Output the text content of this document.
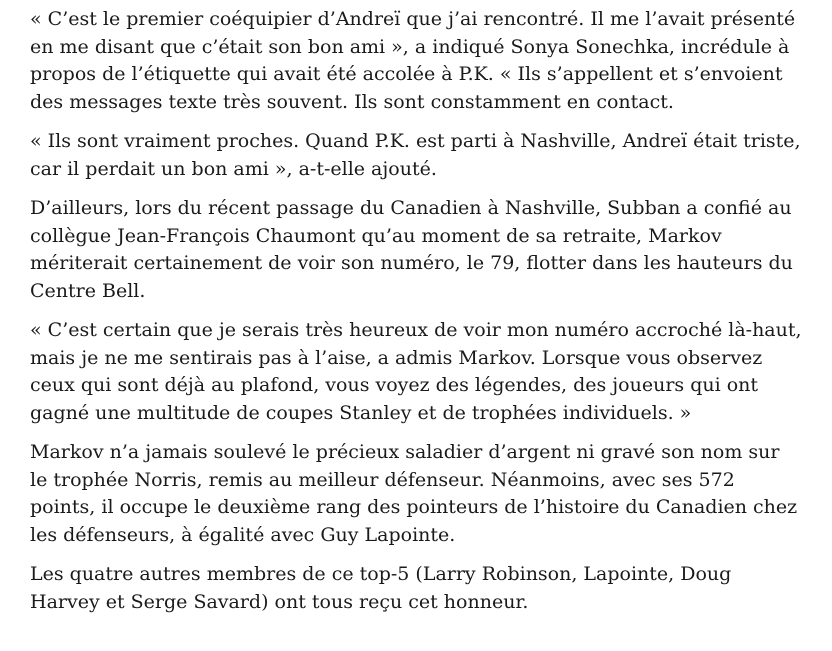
« C’est le premier coéquipier d’Andreï que j’ai rencontré. Il me l’avait présenté
en me disant que c’était son bon ami », a indiqué Sonya Sonechka, incrédule à
propos de l’étiquette qui avait été accolée à P.K. « Ils s’appellent et s’envoient
des messages texte très souvent. Ils sont constamment en contact.

« Ils sont vraiment proches. Quand P.K. est parti à Nashville, Andreï était triste,
car il perdait un bon ami », a-t-elle ajouté.

D’ailleurs, lors du récent passage du Canadien à Nashville, Subban a confié au
collègue Jean-François Chaumont qu’au moment de sa retraite, Markov
mériterait certainement de voir son numéro, le 79, flotter dans les hauteurs du
Centre Bell.

« C’est certain que je serais très heureux de voir mon numéro accroché là-haut,
mais je ne me sentirais pas à l’aise, a admis Markov. Lorsque vous observez
ceux qui sont déjà au plafond, vous voyez des légendes, des joueurs qui ont
gagné une multitude de coupes Stanley et de trophées individuels. »

Markov n’a jamais soulevé le précieux saladier d’argent ni gravé son nom sur
le trophée Norris, remis au meilleur défenseur. Néanmoins, avec ses 572
points, il occupe le deuxième rang des pointeurs de l’histoire du Canadien chez
les défenseurs, à égalité avec Guy Lapointe.

Les quatre autres membres de ce top-5 (Larry Robinson, Lapointe, Doug
Harvey et Serge Savard) ont tous reçu cet honneur.
